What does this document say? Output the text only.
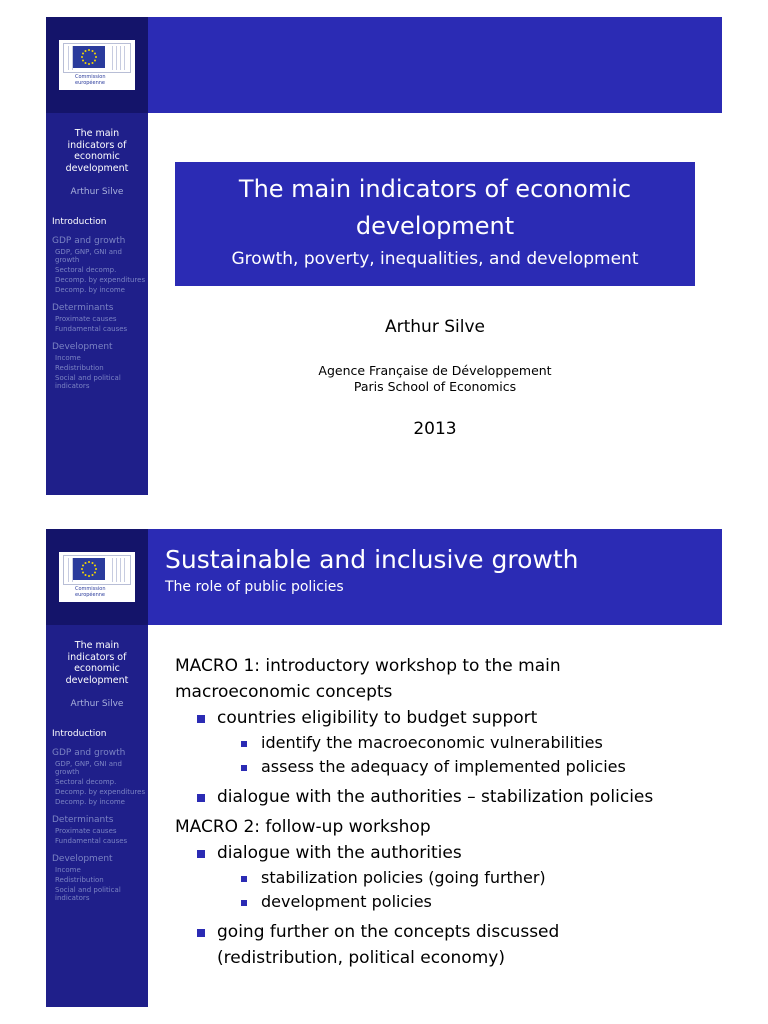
Commission
européenne
The main
indicators of
economic
development
Arthur Silve
Introduction
GDP and growth
GDP, GNP, GNI and growth
Sectoral decomp.
Decomp. by expenditures
Decomp. by income
Determinants
Proximate causes
Fundamental causes
Development
Income
Redistribution
Social and political indicators
The main indicators of economic
development
Growth, poverty, inequalities, and development
Arthur Silve
Agence Française de Développement
Paris School of Economics
2013
Commission
européenne
The main
indicators of
economic
development
Arthur Silve
Introduction
GDP and growth
GDP, GNP, GNI and growth
Sectoral decomp.
Decomp. by expenditures
Decomp. by income
Determinants
Proximate causes
Fundamental causes
Development
Income
Redistribution
Social and political indicators
Sustainable and inclusive growth
The role of public policies
MACRO 1: introductory workshop to the main
macroeconomic concepts
countries eligibility to budget support
identify the macroeconomic vulnerabilities
assess the adequacy of implemented policies
dialogue with the authorities – stabilization policies
MACRO 2: follow-up workshop
dialogue with the authorities
stabilization policies (going further)
development policies
going further on the concepts discussed
(redistribution, political economy)
